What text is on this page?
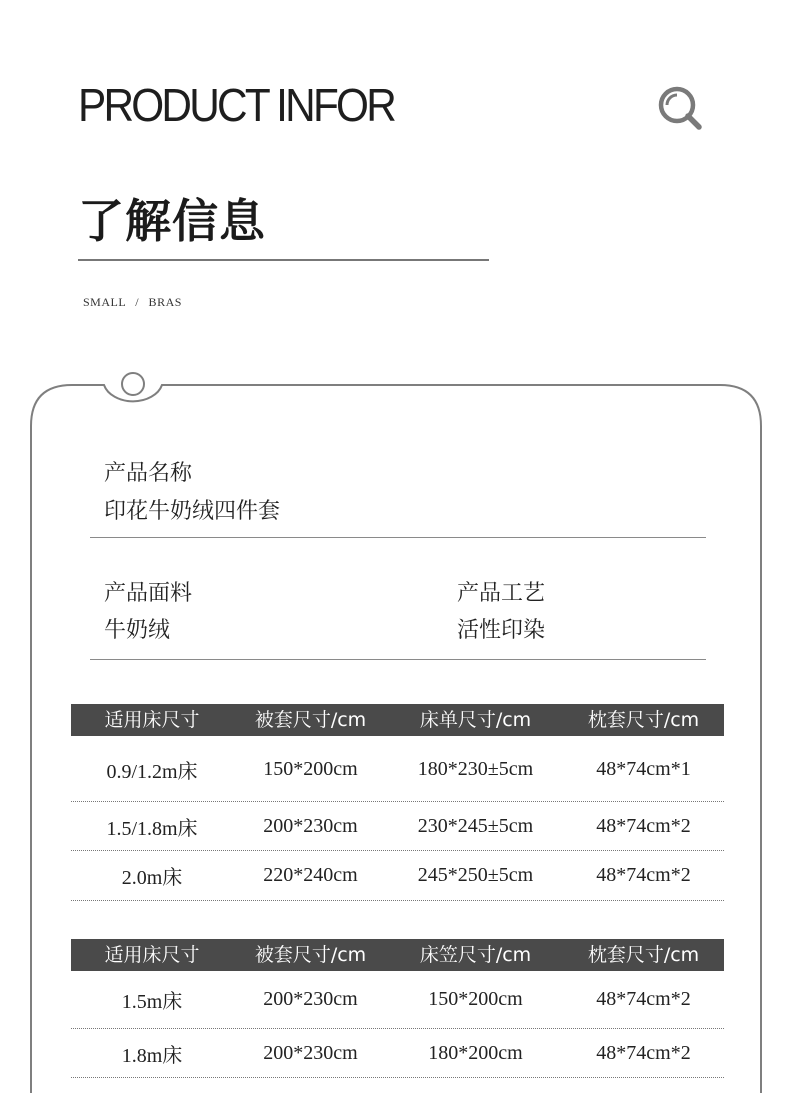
PRODUCT INFOR
了解信息
SMALL / BRAS
产品名称
印花牛奶绒四件套
产品面料
牛奶绒
产品工艺
活性印染
适用床尺寸	被套尺寸/cm	床单尺寸/cm	枕套尺寸/cm
0.9/1.2m床	150*200cm	180*230±5cm	48*74cm*1
1.5/1.8m床	200*230cm	230*245±5cm	48*74cm*2
2.0m床	220*240cm	245*250±5cm	48*74cm*2
适用床尺寸	被套尺寸/cm	床笠尺寸/cm	枕套尺寸/cm
1.5m床	200*230cm	150*200cm	48*74cm*2
1.8m床	200*230cm	180*200cm	48*74cm*2
